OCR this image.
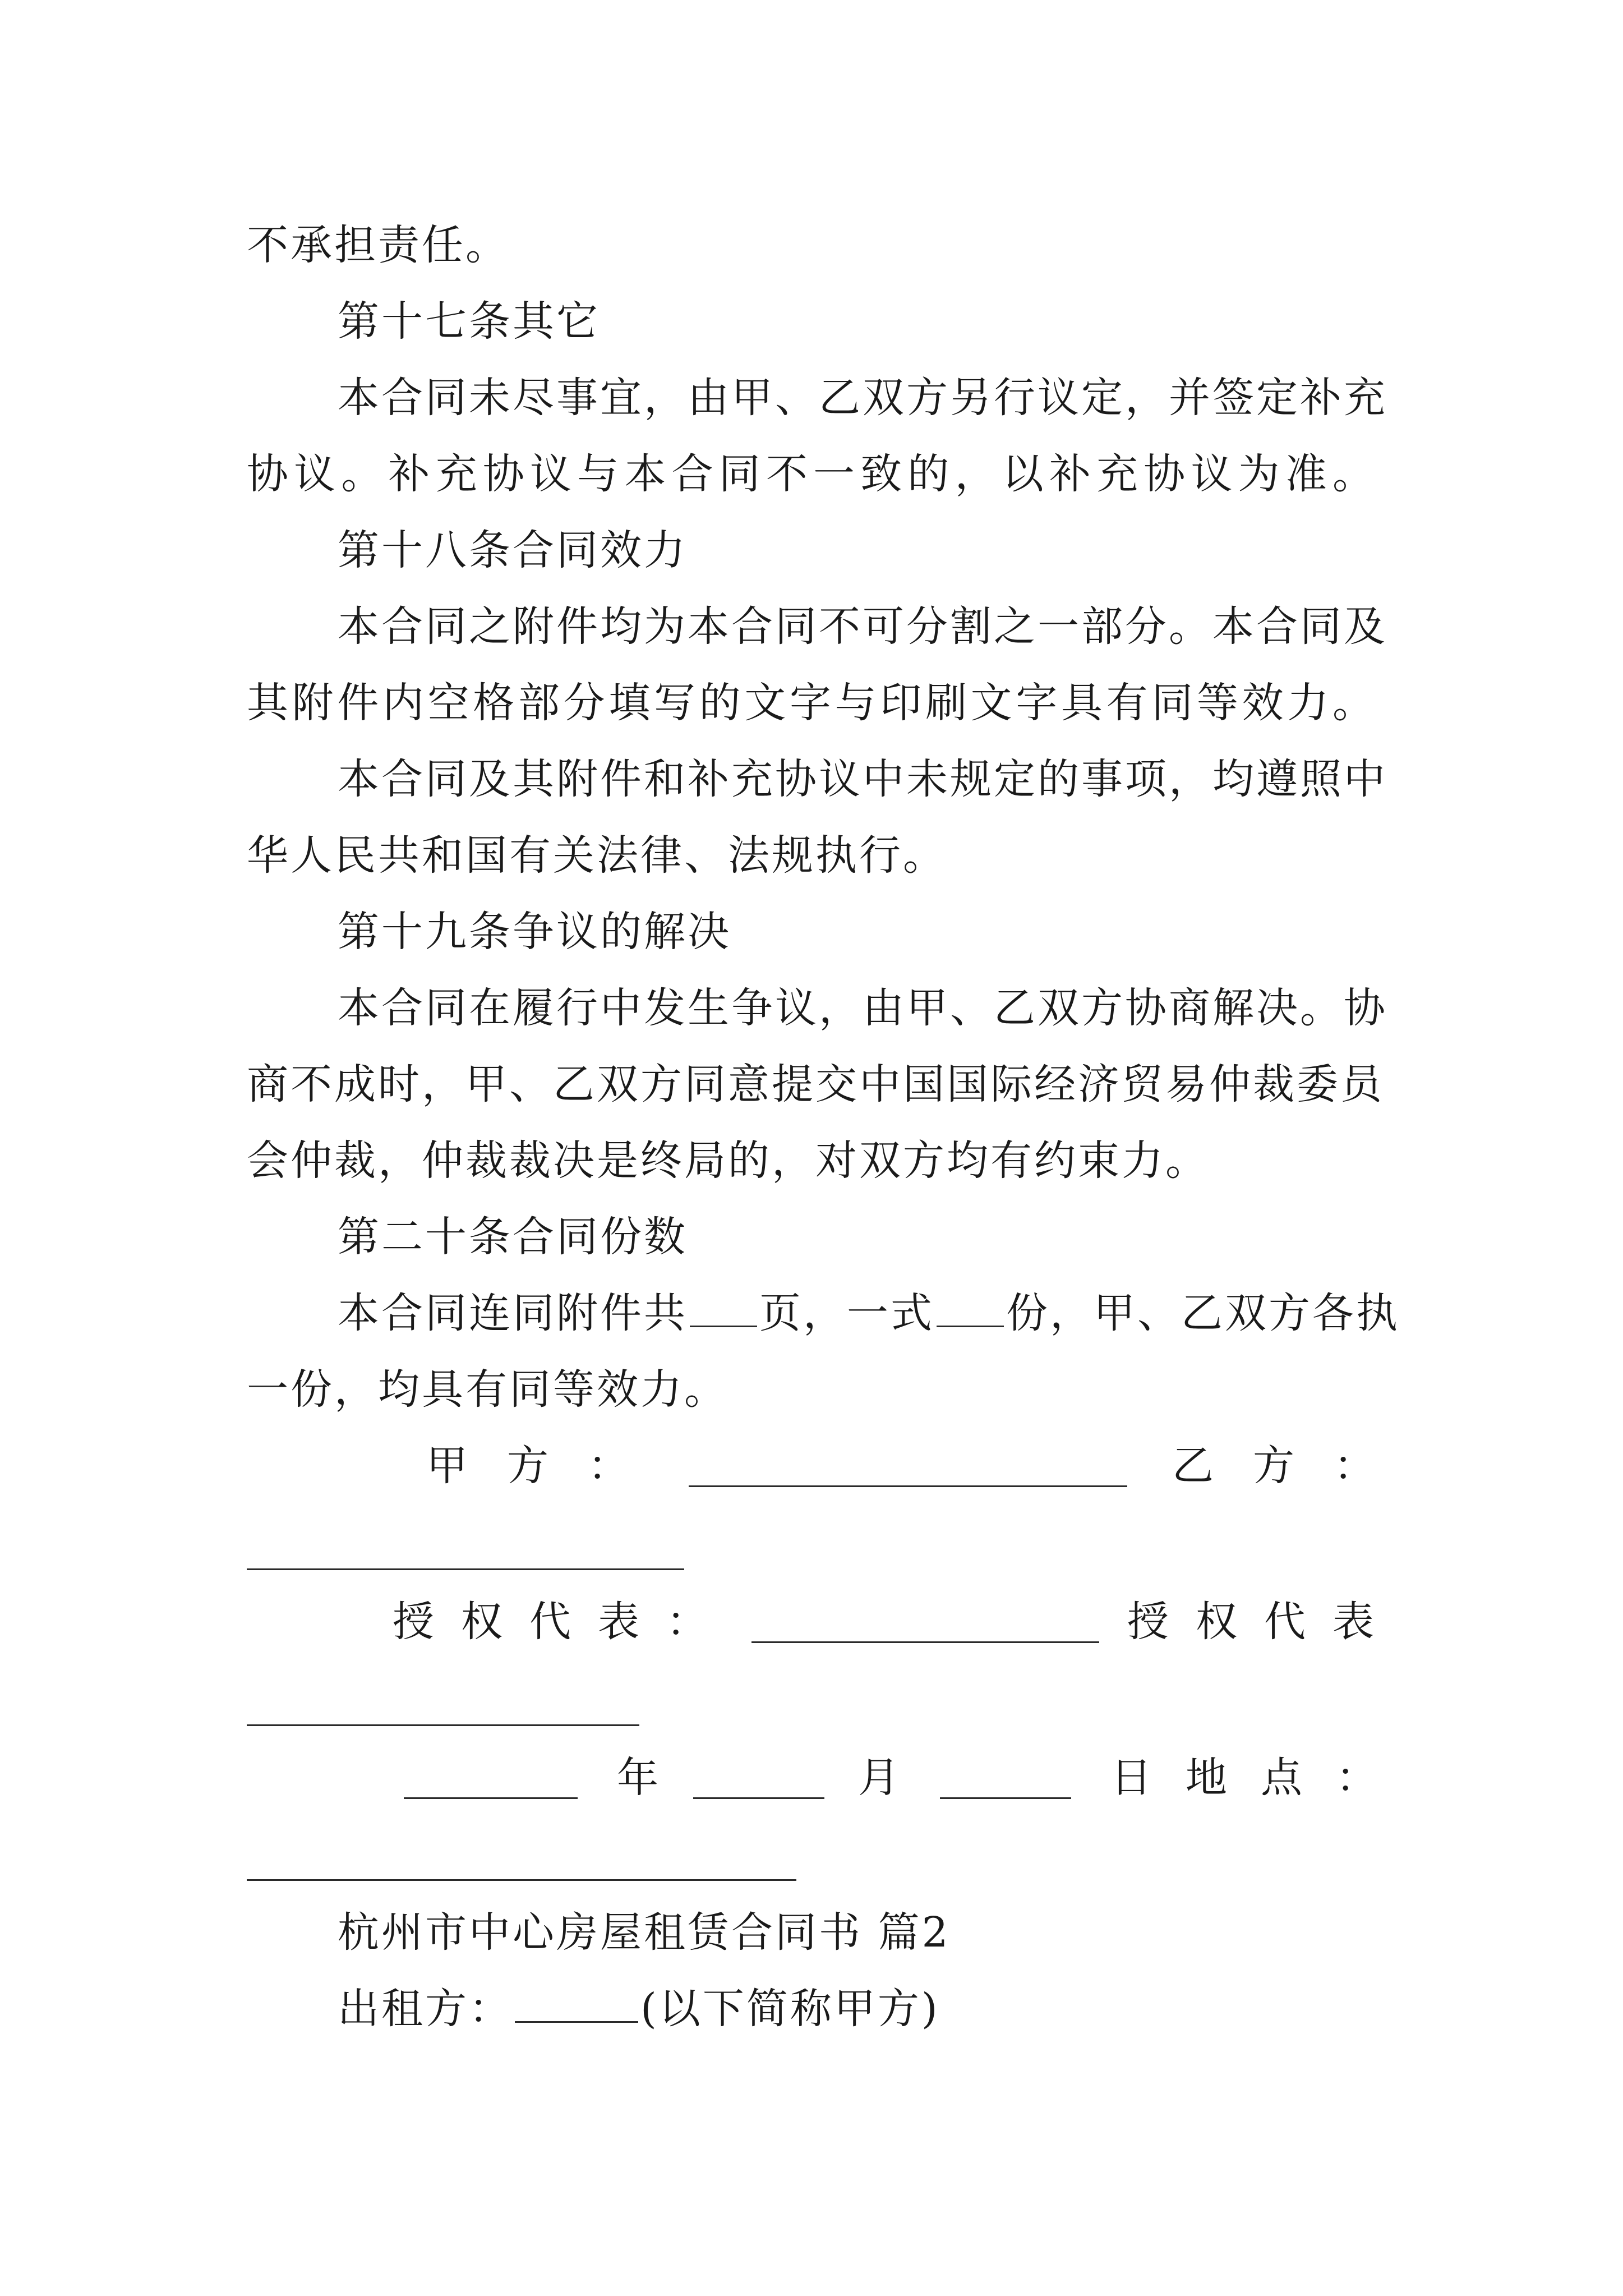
不承担责任。
第十七条其它
本合同未尽事宜，由甲、乙双方另行议定，并签定补充
协议。补充协议与本合同不一致的，以补充协议为准。
第十八条合同效力
本合同之附件均为本合同不可分割之一部分。本合同及
其附件内空格部分填写的文字与印刷文字具有同等效力。
本合同及其附件和补充协议中未规定的事项，均遵照中
华人民共和国有关法律、法规执行。
第十九条争议的解决
本合同在履行中发生争议，由甲、乙双方协商解决。协
商不成时，甲、乙双方同意提交中国国际经济贸易仲裁委员
会仲裁，仲裁裁决是终局的，对双方均有约束力。
第二十条合同份数
本合同连同附件共 页，一式 份，甲、乙双方各执
一份，均具有同等效力。
甲方：	乙方：
授权代表：	授权代表
年	月	日地点：
杭州市中心房屋租赁合同书 篇2
出租方：	(以下简称甲方)
